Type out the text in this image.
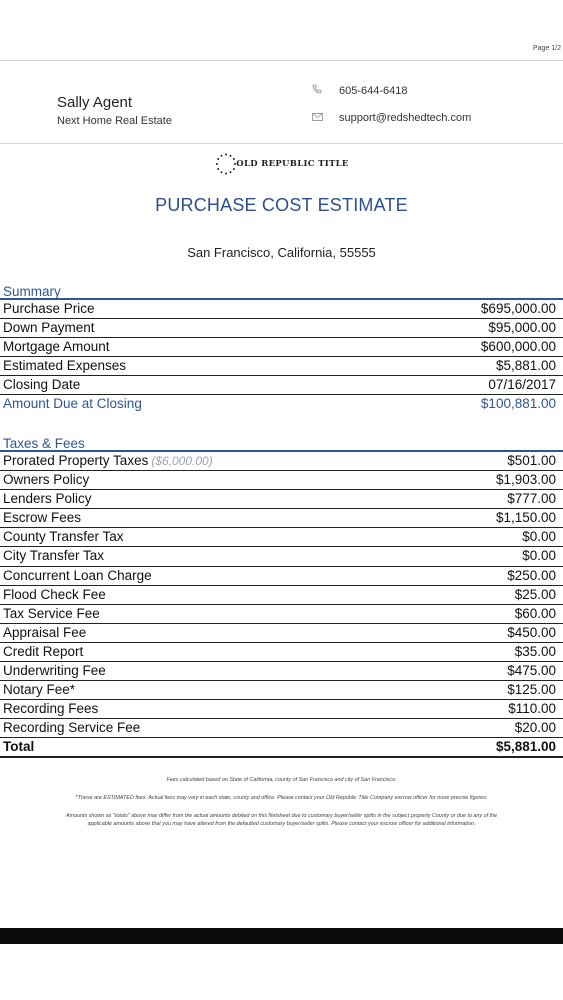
Page 1/2
Sally Agent
Next Home Real Estate
605-644-6418
support@redshedtech.com
OLD REPUBLIC TITLE
PURCHASE COST ESTIMATE
San Francisco, California, 55555
Summary
Purchase Price	$695,000.00
Down Payment	$95,000.00
Mortgage Amount	$600,000.00
Estimated Expenses	$5,881.00
Closing Date	07/16/2017
Amount Due at Closing	$100,881.00
Taxes & Fees
Prorated Property Taxes ($6,000.00)	$501.00
Owners Policy	$1,903.00
Lenders Policy	$777.00
Escrow Fees	$1,150.00
County Transfer Tax	$0.00
City Transfer Tax	$0.00
Concurrent Loan Charge	$250.00
Flood Check Fee	$25.00
Tax Service Fee	$60.00
Appraisal Fee	$450.00
Credit Report	$35.00
Underwriting Fee	$475.00
Notary Fee*	$125.00
Recording Fees	$110.00
Recording Service Fee	$20.00
Total	$5,881.00

Fees calculated based on State of California, county of San Francisco and city of San Francisco.

*These are ESTIMATED fees. Actual fees may vary in each state, county and office. Please contact your Old Republic Title Company escrow officer for more precise figures.

Amounts shown as "totals" above may differ from the actual amounts debited on this Netsheet due to customary buyer/seller splits in the subject property County or due to any of the

applicable amounts above that you may have altered from the defaulted customary buyer/seller splits. Please contact your escrow officer for additional information.
